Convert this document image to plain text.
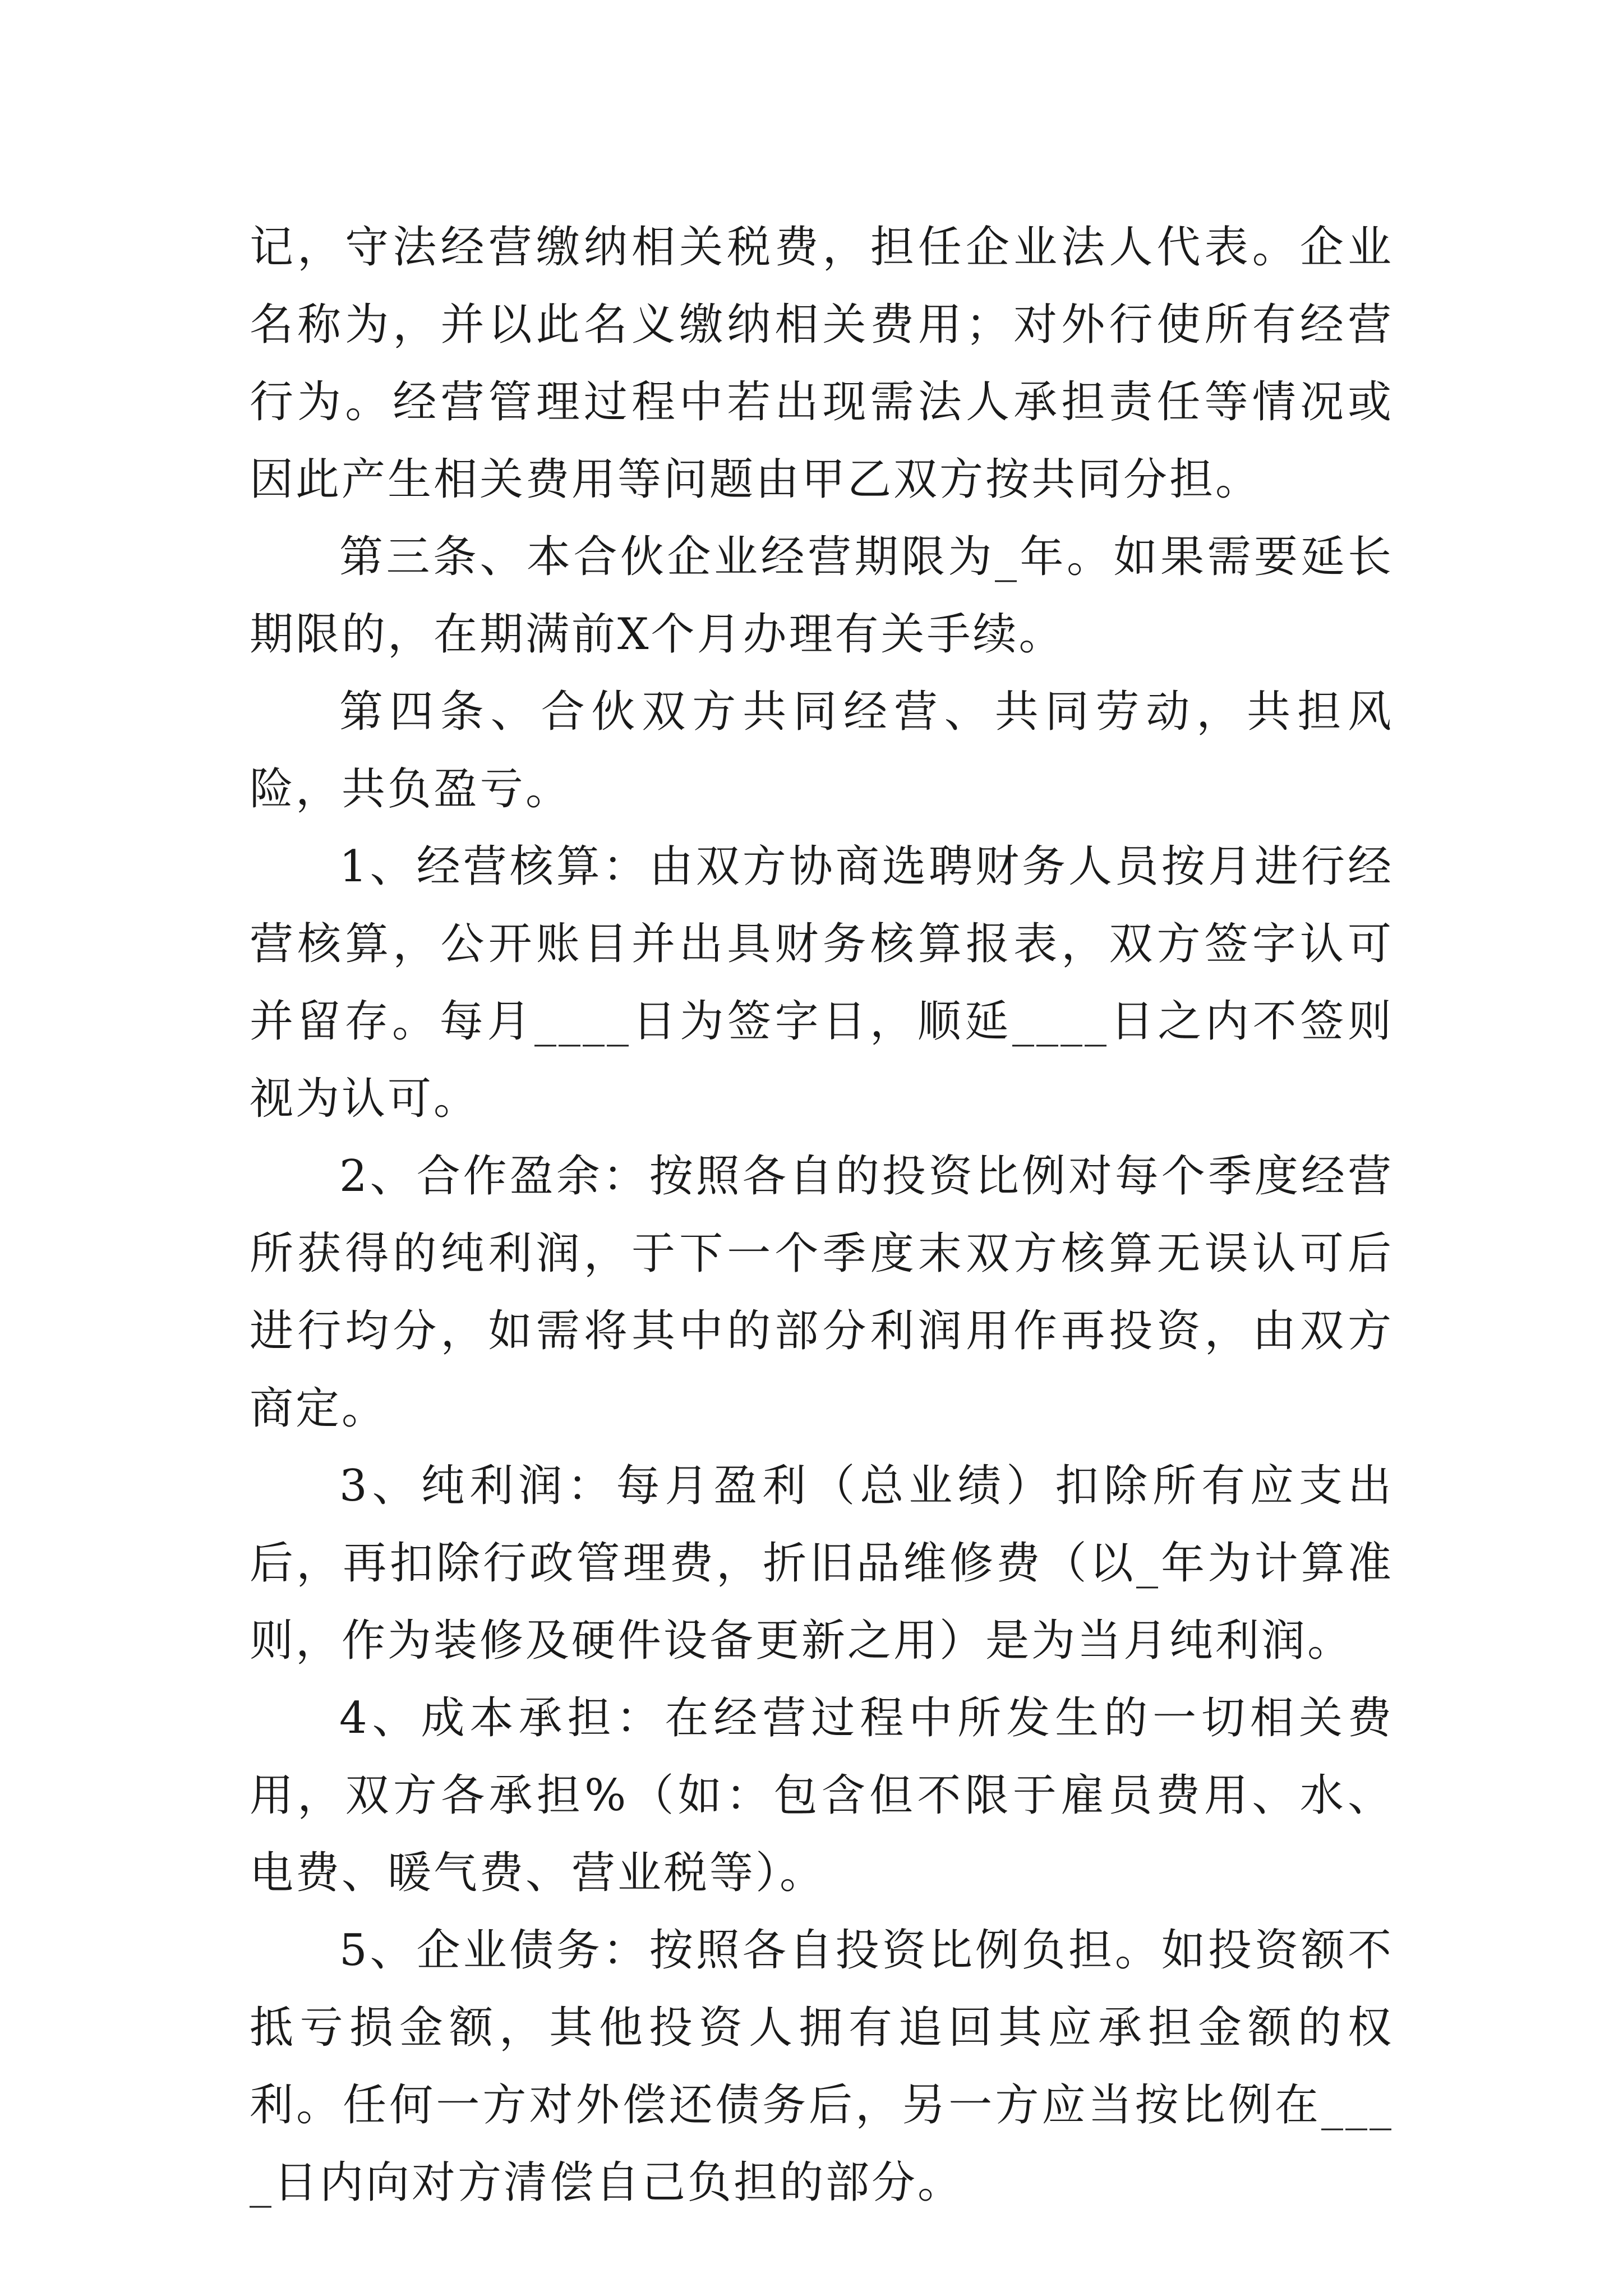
记，守法经营缴纳相关税费，担任企业法人代表。企业名称为，并以此名义缴纳相关费用；对外行使所有经营行为。经营管理过程中若出现需法人承担责任等情况或因此产生相关费用等问题由甲乙双方按共同分担。

第三条、本合伙企业经营期限为_年。如果需要延长期限的，在期满前X个月办理有关手续。

第四条、合伙双方共同经营、共同劳动，共担风险，共负盈亏。

1、经营核算：由双方协商选聘财务人员按月进行经营核算，公开账目并出具财务核算报表，双方签字认可并留存。每月____日为签字日，顺延____日之内不签则视为认可。

2、合作盈余：按照各自的投资比例对每个季度经营所获得的纯利润，于下一个季度末双方核算无误认可后进行均分，如需将其中的部分利润用作再投资，由双方商定。

3、纯利润：每月盈利（总业绩）扣除所有应支出后，再扣除行政管理费，折旧品维修费（以_年为计算准则，作为装修及硬件设备更新之用）是为当月纯利润。

4、成本承担：在经营过程中所发生的一切相关费用，双方各承担%（如：包含但不限于雇员费用、水、电费、暖气费、营业税等）。

5、企业债务：按照各自投资比例负担。如投资额不抵亏损金额，其他投资人拥有追回其应承担金额的权利。任何一方对外偿还债务后，另一方应当按比例在____日内向对方清偿自己负担的部分。
